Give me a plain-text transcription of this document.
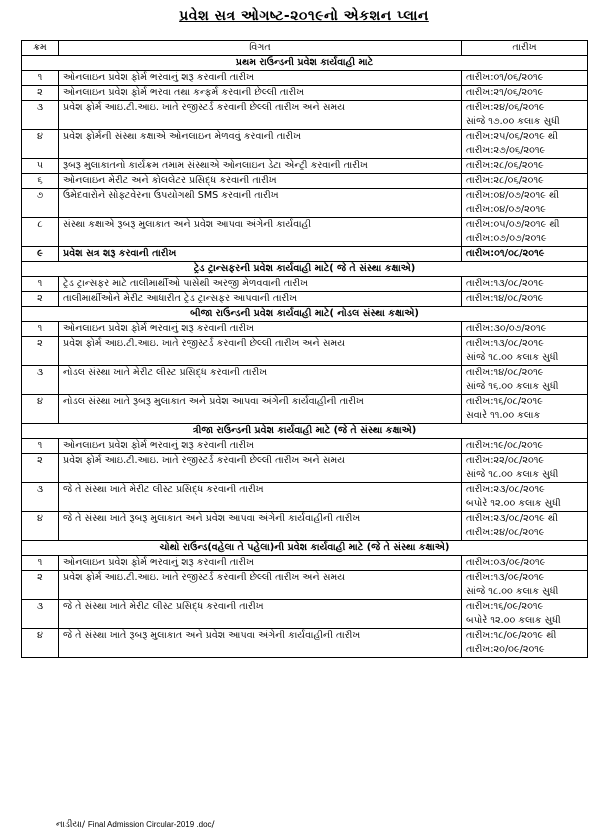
પ્રવેશ સત્ર ઓગષ્ટ-૨૦૧૯નો એકશન પ્લાન
ક્રમ	વિગત	તારીખ
પ્રથમ રાઉન્ડની પ્રવેશ કાર્યવાહી માટે		
૧	ઓનલાઇન પ્રવેશ ફોર્મ ભરવાનું શરૂ કરવાની તારીખ	તારીખ:૦૧/૦૬/૨૦૧૯

૨	ઓનલાઇન પ્રવેશ ફોર્મ ભરવા તથા કન્ફર્મ કરવાની છેલ્લી તારીખ	તારીખ:૨૧/૦૬/૨૦૧૯

૩	પ્રવેશ ફોર્મ આઇ.ટી.આઇ. ખાતે રજીસ્ટર્ડ કરવાની છેલ્લી તારીખ અને સમય	તારીખ:૨૪/૦૬/૨૦૧૯
સાંજે ૧૭.૦૦ કલાક સુધી

૪	પ્રવેશ ફોર્મની સંસ્થા કક્ષાએ ઓનલાઇન મેળવવું કરવાની તારીખ	તારીખ:૨૫/૦૬/૨૦૧૯ થી
તારીખ:૨૭/૦૬/૨૦૧૯

૫	રૂબરૂ મુલાકાતનો કાર્યક્રમ તમામ સંસ્થાએ ઓનલાઇન ડેટા એન્ટ્રી કરવાની તારીખ	તારીખ:૨૮/૦૬/૨૦૧૯

૬	ઓનલાઇન મેરીટ અને કોલલેટર પ્રસિદ્ધ કરવાની તારીખ	તારીખ:૨૮/૦૬/૨૦૧૯

૭	ઉમેદવારોને સોફ્ટવેરના ઉપયોગથી SMS કરવાની તારીખ	તારીખ:૦૪/૦૭/૨૦૧૯ થી
તારીખ:૦૪/૦૭/૨૦૧૯

૮	સંસ્થા કક્ષાએ રૂબરૂ મુલાકાત અને પ્રવેશ આપવા અંગેની કાર્યવાહી	તારીખ:૦૫/૦૭/૨૦૧૯ થી
તારીખ:૦૭/૦૭/૨૦૧૯

૯	પ્રવેશ સત્ર શરૂ કરવાની તારીખ	તારીખ:૦૧/૦૮/૨૦૧૯

ટ્રેડ ટ્રાન્સફરની પ્રવેશ કાર્યવાહી માટે( જે તે સંસ્થા કક્ષાએ)		
૧	ટ્રેડ ટ્રાન્સફર માટે તાલીમાર્થીઓ પાસેથી અરજી મેળવવાની તારીખ	તારીખ:૧૩/૦૮/૨૦૧૯

૨	તાલીમાર્થીઓને મેરીટ આધારીત ટ્રેડ ટ્રાન્સફર આપવાની તારીખ	તારીખ:૧૪/૦૮/૨૦૧૯

બીજા રાઉન્ડની પ્રવેશ કાર્યવાહી માટે( નોડલ સંસ્થા કક્ષાએ)		
૧	ઓનલાઇન પ્રવેશ ફોર્મ ભરવાનું શરૂ કરવાની તારીખ	તારીખ:૩૦/૦૭/૨૦૧૯

૨	પ્રવેશ ફોર્મ આઇ.ટી.આઇ. ખાતે રજીસ્ટર્ડ કરવાની છેલ્લી તારીખ અને સમય	તારીખ:૧૩/૦૮/૨૦૧૯
સાંજે ૧૮.૦૦ કલાક સુધી

૩	નોડલ સંસ્થા ખાતે મેરીટ લીસ્ટ પ્રસિદ્ધ કરવાની તારીખ	તારીખ:૧૪/૦૮/૨૦૧૯
સાંજે ૧૬.૦૦ કલાક સુધી

૪	નોડલ સંસ્થા ખાતે રૂબરૂ મુલાકાત અને પ્રવેશ આપવા અંગેની કાર્યવાહીની તારીખ	તારીખ:૧૬/૦૮/૨૦૧૯
સવારે ૧૧.૦૦ કલાક

ત્રીજા રાઉન્ડની પ્રવેશ કાર્યવાહી માટે (જે તે સંસ્થા કક્ષાએ)		
૧	ઓનલાઇન પ્રવેશ ફોર્મ ભરવાનું શરૂ કરવાની તારીખ	તારીખ:૧૯/૦૮/૨૦૧૯

૨	પ્રવેશ ફોર્મ આઇ.ટી.આઇ. ખાતે રજીસ્ટર્ડ કરવાની છેલ્લી તારીખ અને સમય	તારીખ:૨૨/૦૮/૨૦૧૯
સાંજે ૧૮.૦૦ કલાક સુધી

૩	જે તે સંસ્થા ખાતે મેરીટ લીસ્ટ પ્રસિદ્ધ કરવાની તારીખ	તારીખ:૨૩/૦૮/૨૦૧૯
બપોરે ૧૨.૦૦ કલાક સુધી

૪	જે તે સંસ્થા ખાતે રૂબરૂ મુલાકાત અને પ્રવેશ આપવા અંગેની કાર્યવાહીની તારીખ	તારીખ:૨૩/૦૮/૨૦૧૯ થી
તારીખ:૨૪/૦૮/૨૦૧૯

ચોથો રાઉન્ડ(વહેલા તે પહેલા)ની પ્રવેશ કાર્યવાહી માટે (જે તે સંસ્થા કક્ષાએ)		
૧	ઓનલાઇન પ્રવેશ ફોર્મ ભરવાનું શરૂ કરવાની તારીખ	તારીખ:૦૩/૦૯/૨૦૧૯

૨	પ્રવેશ ફોર્મ આઇ.ટી.આઇ. ખાતે રજીસ્ટર્ડ કરવાની છેલ્લી તારીખ અને સમય	તારીખ:૧૩/૦૯/૨૦૧૯
સાંજે ૧૮.૦૦ કલાક સુધી

૩	જે તે સંસ્થા ખાતે મેરીટ લીસ્ટ પ્રસિદ્ધ કરવાની તારીખ	તારીખ:૧૬/૦૯/૨૦૧૯
બપોરે ૧૨.૦૦ કલાક સુધી

૪	જે તે સંસ્થા ખાતે રૂબરૂ મુલાકાત અને પ્રવેશ આપવા અંગેની કાર્યવાહીની તારીખ	તારીખ:૧૮/૦૯/૨૦૧૯ થી
તારીખ:૨૦/૦૯/૨૦૧૯
નાડીયા/ Final Admission Circular-2019 .doc/
